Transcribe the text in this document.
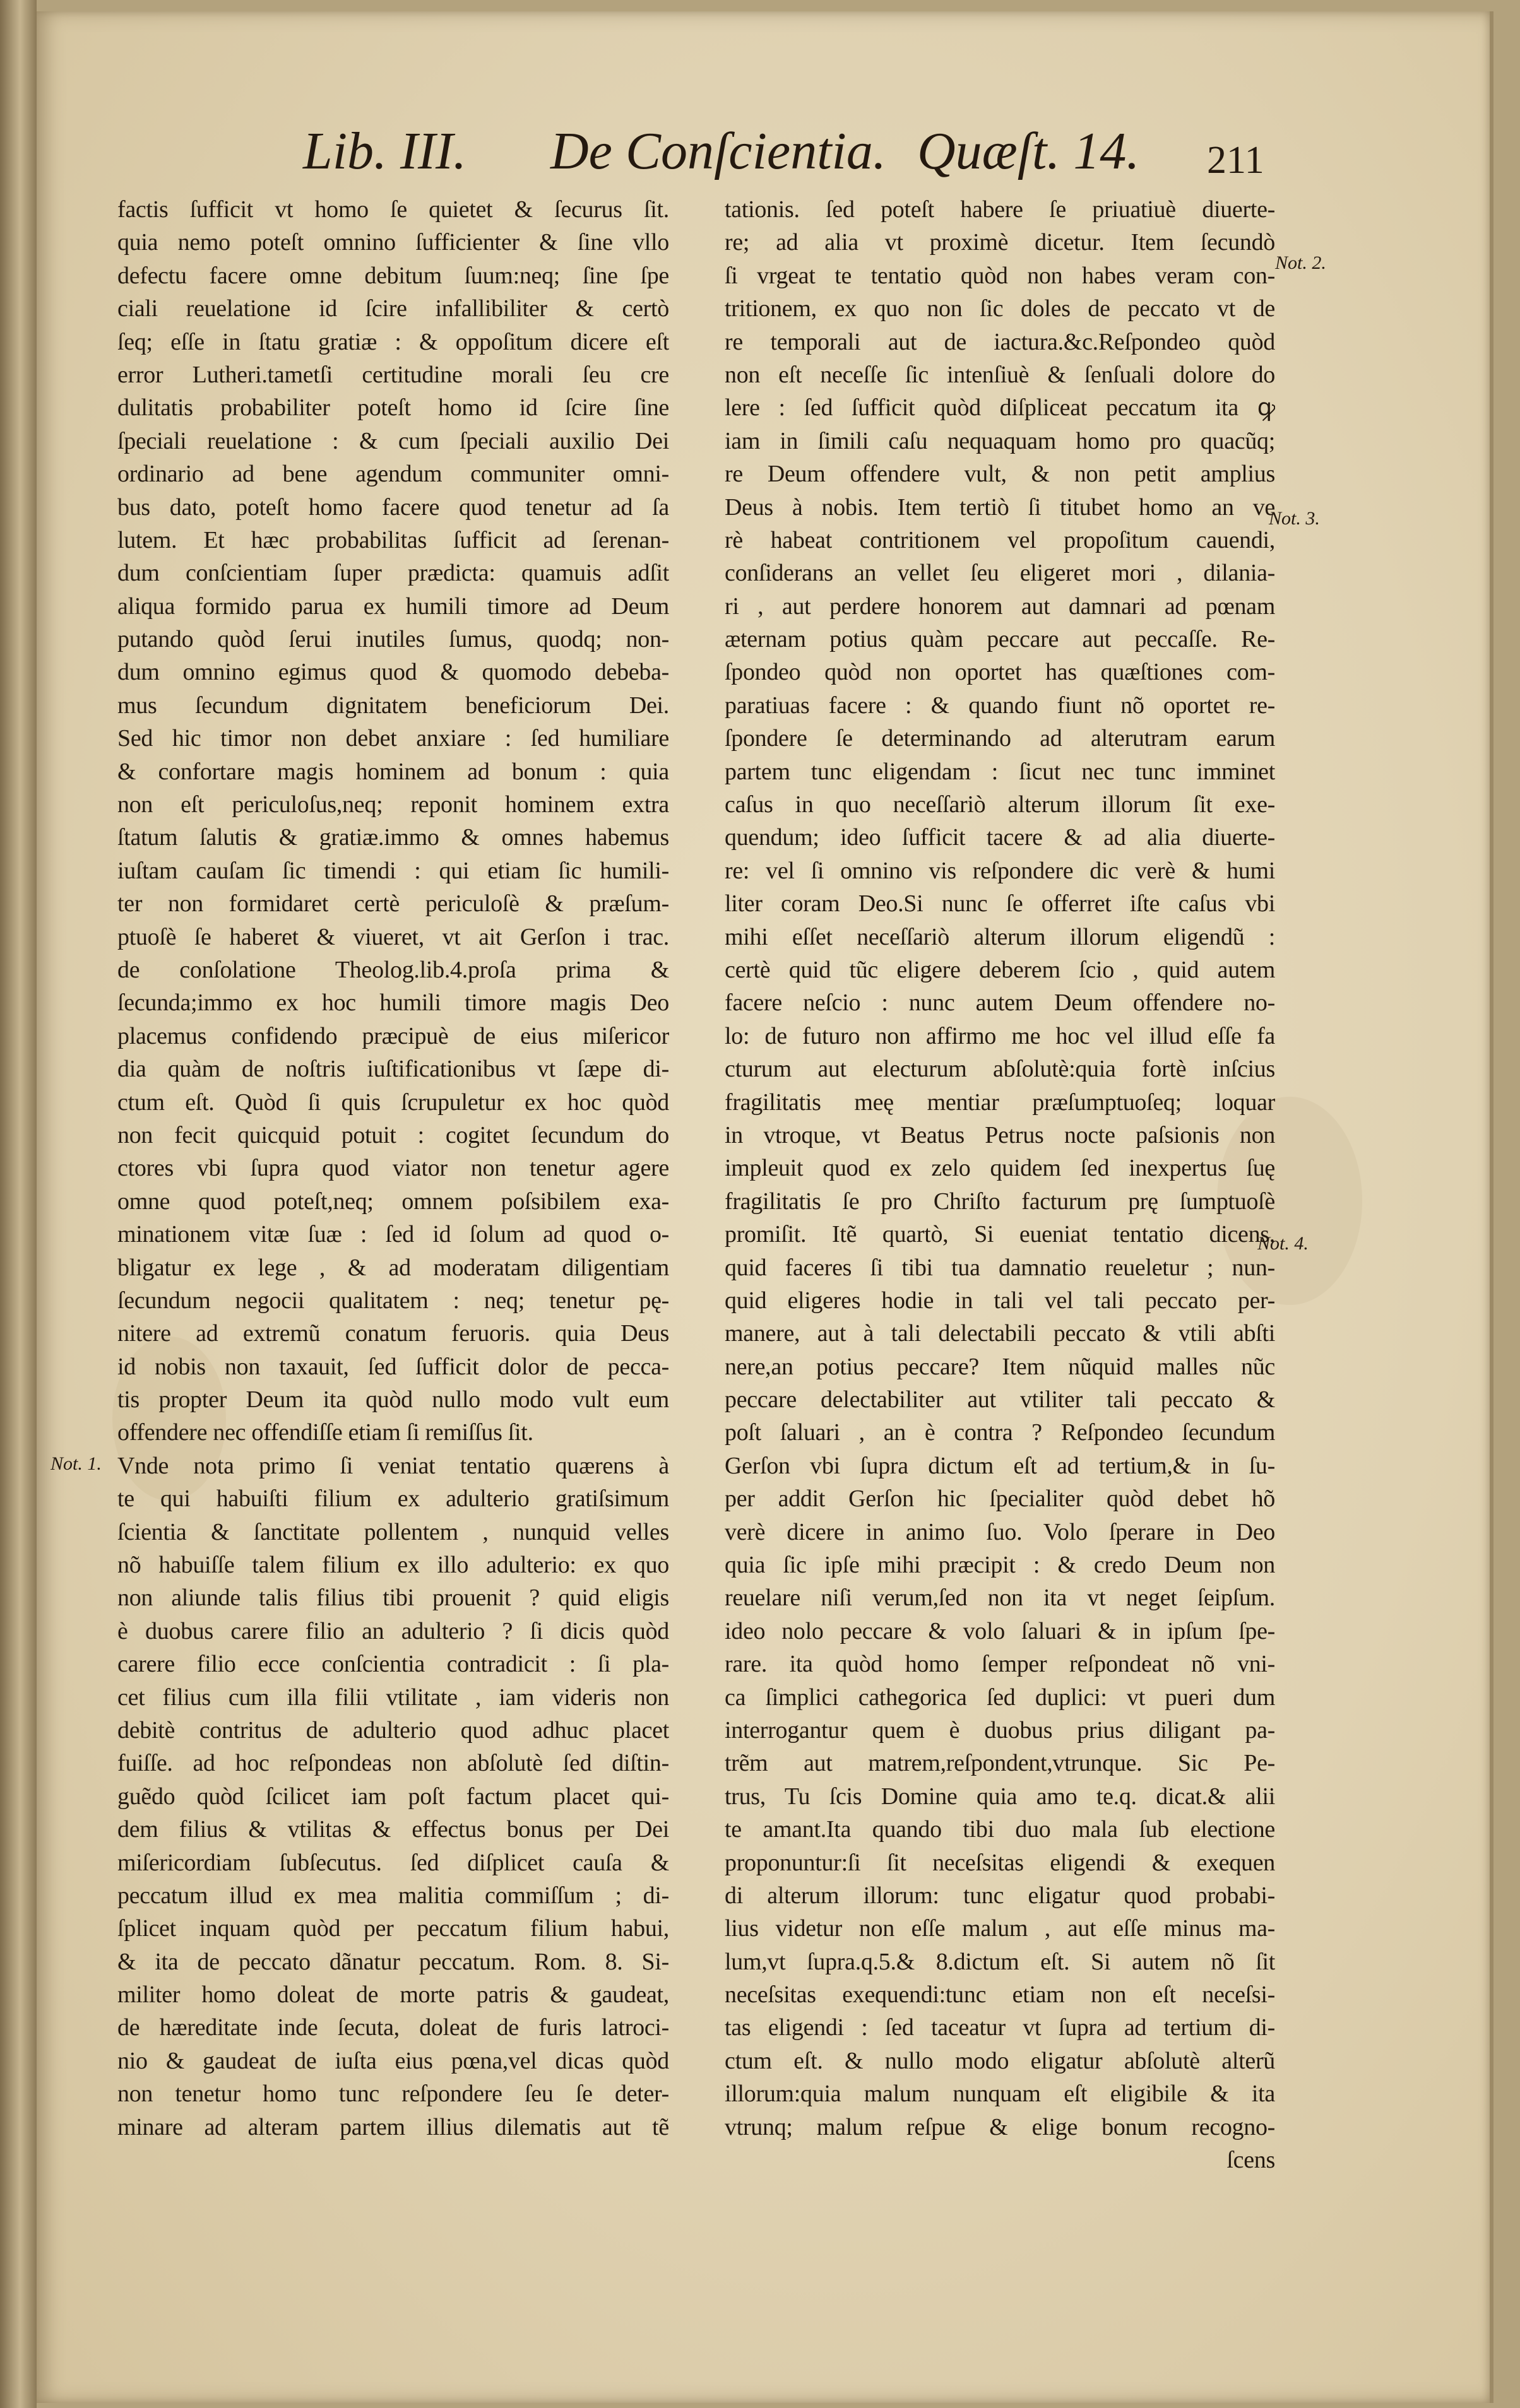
Lib. III. De Conſcientia. Quæſt. 14. 211
factis ſufficit vt homo ſe quietet & ſecurus ſit.
quia nemo poteſt omnino ſufficienter & ſine vllo
defectu facere omne debitum ſuum:neq; ſine ſpe
ciali reuelatione id ſcire infallibiliter & certò
ſeq; eſſe in ſtatu gratiæ : & oppoſitum dicere eſt
error Lutheri.tametſi certitudine morali ſeu cre
dulitatis probabiliter poteſt homo id ſcire ſine
ſpeciali reuelatione : & cum ſpeciali auxilio Dei
ordinario ad bene agendum communiter omni-
bus dato, poteſt homo facere quod tenetur ad ſa
lutem. Et hæc probabilitas ſufficit ad ſerenan-
dum conſcientiam ſuper prædicta: quamuis adſit
aliqua formido parua ex humili timore ad Deum
putando quòd ſerui inutiles ſumus, quodq; non-
dum omnino egimus quod & quomodo debeba-
mus ſecundum dignitatem beneficiorum Dei.
Sed hic timor non debet anxiare : ſed humiliare
& confortare magis hominem ad bonum : quia
non eſt periculoſus,neq; reponit hominem extra
ſtatum ſalutis & gratiæ.immo & omnes habemus
iuſtam cauſam ſic timendi : qui etiam ſic humili-
ter non formidaret certè periculoſè & præſum-
ptuoſè ſe haberet & viueret, vt ait Gerſon i trac.
de conſolatione Theolog.lib.4.proſa prima &
ſecunda;immo ex hoc humili timore magis Deo
placemus confidendo præcipuè de eius miſericor
dia quàm de noſtris iuſtificationibus vt ſæpe di-
ctum eſt. Quòd ſi quis ſcrupuletur ex hoc quòd
non fecit quicquid potuit : cogitet ſecundum do
ctores vbi ſupra quod viator non tenetur agere
omne quod poteſt,neq; omnem poſsibilem exa-
minationem vitæ ſuæ : ſed id ſolum ad quod o-
bligatur ex lege , & ad moderatam diligentiam
ſecundum negocii qualitatem : neq; tenetur pę-
nitere ad extremũ conatum feruoris. quia Deus
id nobis non taxauit, ſed ſufficit dolor de pecca-
tis propter Deum ita quòd nullo modo vult eum
offendere nec offendiſſe etiam ſi remiſſus ſit.
Vnde nota primo ſi veniat tentatio quærens à
te qui habuiſti filium ex adulterio gratiſsimum
ſcientia & ſanctitate pollentem , nunquid velles
nõ habuiſſe talem filium ex illo adulterio: ex quo
non aliunde talis filius tibi prouenit ? quid eligis
è duobus carere filio an adulterio ? ſi dicis quòd
carere filio ecce conſcientia contradicit : ſi pla-
cet filius cum illa filii vtilitate , iam videris non
debitè contritus de adulterio quod adhuc placet
fuiſſe. ad hoc reſpondeas non abſolutè ſed diſtin-
guẽdo quòd ſcilicet iam poſt factum placet qui-
dem filius & vtilitas & effectus bonus per Dei
miſericordiam ſubſecutus. ſed diſplicet cauſa &
peccatum illud ex mea malitia commiſſum ; di-
ſplicet inquam quòd per peccatum filium habui,
& ita de peccato dãnatur peccatum. Rom. 8. Si-
militer homo doleat de morte patris & gaudeat,
de hæreditate inde ſecuta, doleat de furis latroci-
nio & gaudeat de iuſta eius pœna,vel dicas quòd
non tenetur homo tunc reſpondere ſeu ſe deter-
minare ad alteram partem illius dilematis aut tẽ
tationis. ſed poteſt habere ſe priuatiuè diuerte-
re; ad alia vt proximè dicetur. Item ſecundò
ſi vrgeat te tentatio quòd non habes veram con-
tritionem, ex quo non ſic doles de peccato vt de
re temporali aut de iactura.&c.Reſpondeo quòd
non eſt neceſſe ſic intenſiuè & ſenſuali dolore do
lere : ſed ſufficit quòd diſpliceat peccatum ita ꝙ
iam in ſimili caſu nequaquam homo pro quacũq;
re Deum offendere vult, & non petit amplius
Deus à nobis. Item tertiò ſi titubet homo an ve
rè habeat contritionem vel propoſitum cauendi,
conſiderans an vellet ſeu eligeret mori , dilania-
ri , aut perdere honorem aut damnari ad pœnam
æternam potius quàm peccare aut peccaſſe. Re-
ſpondeo quòd non oportet has quæſtiones com-
paratiuas facere : & quando fiunt nõ oportet re-
ſpondere ſe determinando ad alterutram earum
partem tunc eligendam : ſicut nec tunc imminet
caſus in quo neceſſariò alterum illorum ſit exe-
quendum; ideo ſufficit tacere & ad alia diuerte-
re: vel ſi omnino vis reſpondere dic verè & humi
liter coram Deo.Si nunc ſe offerret iſte caſus vbi
mihi eſſet neceſſariò alterum illorum eligendũ :
certè quid tũc eligere deberem ſcio , quid autem
facere neſcio : nunc autem Deum offendere no-
lo: de futuro non affirmo me hoc vel illud eſſe fa
cturum aut electurum abſolutè:quia fortè inſcius
fragilitatis meę mentiar præſumptuoſeq; loquar
in vtroque, vt Beatus Petrus nocte paſsionis non
impleuit quod ex zelo quidem ſed inexpertus ſuę
fragilitatis ſe pro Chriſto facturum prę ſumptuoſè
promiſit. Itẽ quartò, Si eueniat tentatio dicens.
quid faceres ſi tibi tua damnatio reueletur ; nun-
quid eligeres hodie in tali vel tali peccato per-
manere, aut à tali delectabili peccato & vtili abſti
nere,an potius peccare? Item nũquid malles nũc
peccare delectabiliter aut vtiliter tali peccato &
poſt ſaluari , an è contra ? Reſpondeo ſecundum
Gerſon vbi ſupra dictum eſt ad tertium,& in ſu-
per addit Gerſon hic ſpecialiter quòd debet hõ
verè dicere in animo ſuo. Volo ſperare in Deo
quia ſic ipſe mihi præcipit : & credo Deum non
reuelare niſi verum,ſed non ita vt neget ſeipſum.
ideo nolo peccare & volo ſaluari & in ipſum ſpe-
rare. ita quòd homo ſemper reſpondeat nõ vni-
ca ſimplici cathegorica ſed duplici: vt pueri dum
interrogantur quem è duobus prius diligant pa-
trẽm aut matrem,reſpondent,vtrunque. Sic Pe-
trus, Tu ſcis Domine quia amo te.q. dicat.& alii
te amant.Ita quando tibi duo mala ſub electione
proponuntur:ſi ſit neceſsitas eligendi & exequen
di alterum illorum: tunc eligatur quod probabi-
lius videtur non eſſe malum , aut eſſe minus ma-
lum,vt ſupra.q.5.& 8.dictum eſt. Si autem nõ ſit
neceſsitas exequendi:tunc etiam non eſt neceſsi-
tas eligendi : ſed taceatur vt ſupra ad tertium di-
ctum eſt. & nullo modo eligatur abſolutè alterũ
illorum:quia malum nunquam eſt eligibile & ita
vtrunq; malum reſpue & elige bonum recogno-
ſcens
Not. 2.
Not. 3.
Not. 4.
Not. 1.
